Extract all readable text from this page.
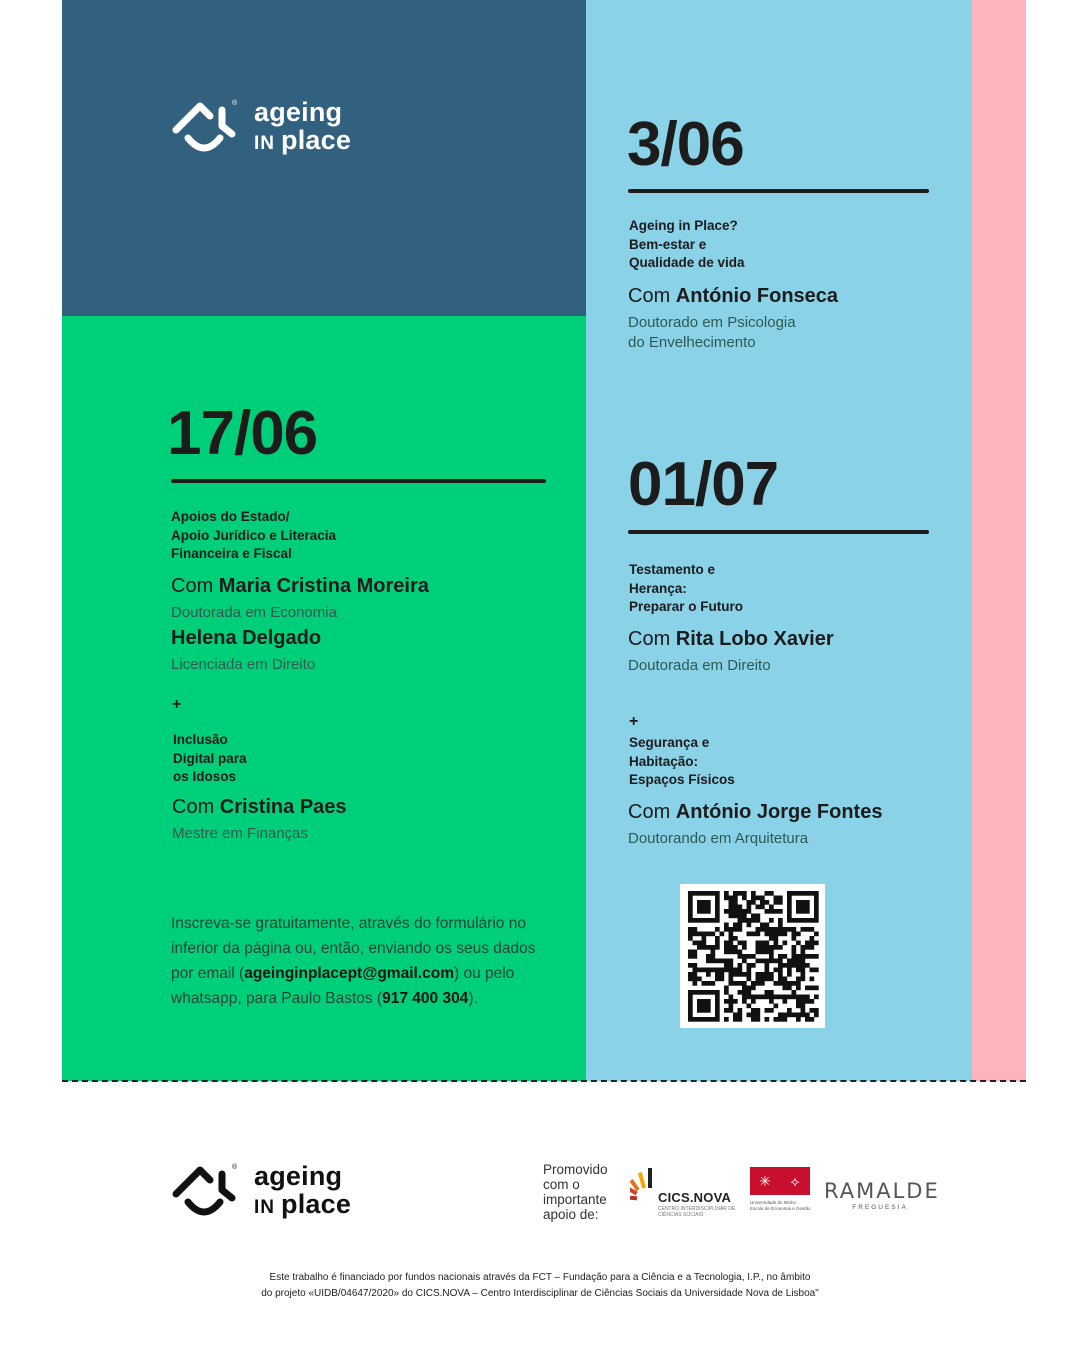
® ageing
IN place	3/06
Ageing in Place?
Bem-estar e
Qualidade de vida
Com António Fonseca
Doutorado em Psicologia
do Envelhecimento
17/06
Apoios do Estado/
Apoio Jurídico e Literacia
Financeira e Fiscal
Com Maria Cristina Moreira
Doutorada em Economia
Helena Delgado
Licenciada em Direito
+
Inclusão
Digital para
os Idosos
Com Cristina Paes
Mestre em Finanças
01/07
Testamento e
Herança:
Preparar o Futuro
Com Rita Lobo Xavier
Doutorada em Direito
+
Segurança e
Habitação:
Espaços Físicos
Com António Jorge Fontes
Doutorando em Arquitetura
Inscreva-se gratuitamente, através do formulário no inferior da página ou, então, enviando os seus dados por email (ageinginplacept@gmail.com) ou pelo whatsapp, para Paulo Bastos (917 400 304).
® ageing
IN place
Promovido
com o
importante
apoio de:
CICS.NOVA
CENTRO INTERDISCIPLINAR DE CIÊNCIAS SOCIAIS
✳	⟡
Universidade do Minho
Escola de Economia e Gestão
RAMALDE
FREGUESIA
Este trabalho é financiado por fundos nacionais através da FCT – Fundação para a Ciência e a Tecnologia, I.P., no âmbito
do projeto «UIDB/04647/2020» do CICS.NOVA – Centro Interdisciplinar de Ciências Sociais da Universidade Nova de Lisboa"
